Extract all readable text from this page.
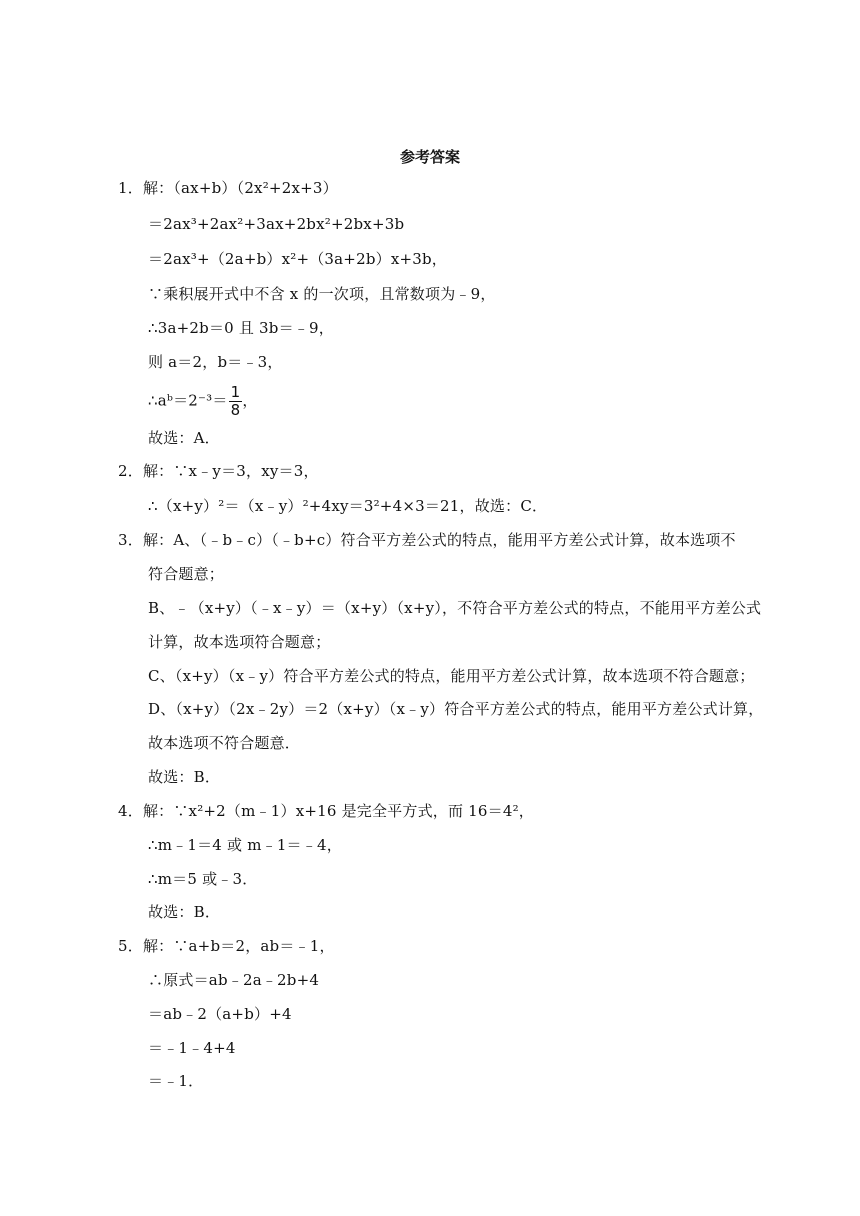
参考答案
1．解：（ax+b）（2x²+2x+3）
＝2ax³+2ax²+3ax+2bx²+2bx+3b
＝2ax³+（2a+b）x²+（3a+2b）x+3b，
∵乘积展开式中不含 x 的一次项，且常数项为﹣9，
∴3a+2b＝0 且 3b＝﹣9，
则 a＝2，b＝﹣3，
∴aᵇ＝2⁻³＝ $\frac{1}{8}$ ，
故选：A．
2．解：∵x﹣y＝3，xy＝3，
∴（x+y）²＝（x﹣y）²+4xy＝3²+4×3＝21，故选：C．
3．解：A、（﹣b﹣c）（﹣b+c）符合平方差公式的特点，能用平方差公式计算，故本选项不
符合题意；
B、﹣（x+y）（﹣x﹣y）＝（x+y）（x+y），不符合平方差公式的特点，不能用平方差公式
计算，故本选项符合题意；
C、（x+y）（x﹣y）符合平方差公式的特点，能用平方差公式计算，故本选项不符合题意；
D、（x+y）（2x﹣2y）＝2（x+y）（x﹣y）符合平方差公式的特点，能用平方差公式计算，
故本选项不符合题意．
故选：B．
4．解：∵x²+2（m﹣1）x+16 是完全平方式，而 16＝4²，
∴m﹣1＝4 或 m﹣1＝﹣4，
∴m＝5 或﹣3．
故选：B．
5．解：∵a+b＝2，ab＝﹣1，
∴原式＝ab﹣2a﹣2b+4
＝ab﹣2（a+b）+4
＝﹣1﹣4+4
＝﹣1．
